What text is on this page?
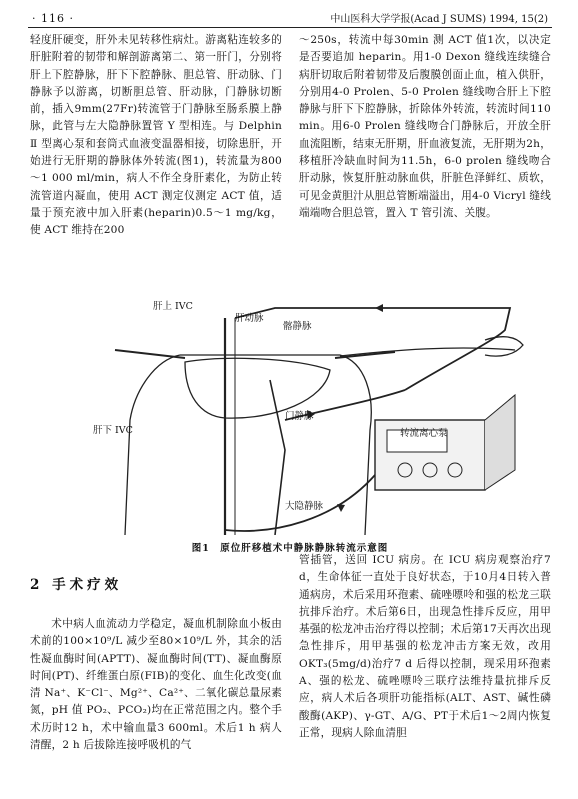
· 116 ·	中山医科大学学报(Acad J SUMS) 1994, 15(2)

轻度肝硬变，肝外未见转移性病灶。游离粘连较多的肝脏附着的韧带和解剖游离第二、第一肝门，分别将肝上下腔静脉，肝下下腔静脉、胆总管、肝动脉、门静脉予以游离，切断胆总管、肝动脉，门静脉切断前，插入9mm(27Fr)转流管于门静脉至肠系膜上静脉，此管与左大隐静脉置管 Y 型相连。与 Delphin Ⅱ 型离心泵和套筒式血液变温器相接，切除患肝，开始进行无肝期的静脉体外转流(图1)，转流量为800～1 000 ml/min，病人不作全身肝素化，为防止转流管道内凝血，使用 ACT 测定仪测定 ACT 值，适量于预充液中加入肝素(heparin)0.5～1 mg/kg，使 ACT 维持在200

～250s，转流中每30min 测 ACT 值1次，以决定是否要追加 heparin。用1-0 Dexon 缝线连续缝合病肝切取后附着韧带及后腹膜创面止血，植入供肝，分别用4-0 Prolen、5-0 Prolen 缝线吻合肝上下腔静脉与肝下下腔静脉，折除体外转流，转流时间110 min。用6-0 Prolen 缝线吻合门静脉后，开放全肝血流阻断，结束无肝期，肝血液复流，无肝期为2h，移植肝冷缺血时间为11.5h，6-0 prolen 缝线吻合肝动脉，恢复肝脏动脉血供，肝脏色泽鲜红、质软，可见金黄胆汁从胆总管断端溢出，用4-0 Vicryl 缝线端端吻合胆总管，置入 T 管引流、关腹。

肝上 IVC
肝动脉
髂静脉
门静脉
肝下 IVC	转流离心泵
大隐静脉
图1　原位肝移植术中静脉静脉转流示意图
2 手术疗效

术中病人血流动力学稳定，凝血机制除血小板由术前的100×10⁹/L 减少至80×10⁹/L 外，其余的活性凝血酶时间(APTT)、凝血酶时间(TT)、凝血酶原时间(PT)、纤维蛋白原(FIB)的变化、血生化改变(血清 Na⁺、K⁻Cl⁻、Mg²⁺、Ca²⁺、二氧化碳总量尿素氮，pH 值 PO₂、PCO₂)均在正常范围之内。整个手术历时12 h，术中输血量3 600ml。术后1 h 病人清醒，2 h 后拔除连接呼吸机的气

管插管，送回 ICU 病房。在 ICU 病房观察治疗7 d，生命体征一直处于良好状态，于10月4日转入普通病房，术后采用环孢素、硫唑嘌呤和强的松龙三联抗排斥治疗。术后第6日，出现急性排斥反应，用甲基强的松龙冲击治疗得以控制；术后第17天再次出现急性排斥，用甲基强的松龙冲击方案无效，改用 OKT₃(5mg/d)治疗7 d 后得以控制，现采用环孢素A、强的松龙、硫唑嘌呤三联疗法维持量抗排斥反应，病人术后各项肝功能指标(ALT、AST、碱性磷酸酶(AKP)、γ-GT、A/G、PT于术后1～2周内恢复正常，现病人除血清胆
